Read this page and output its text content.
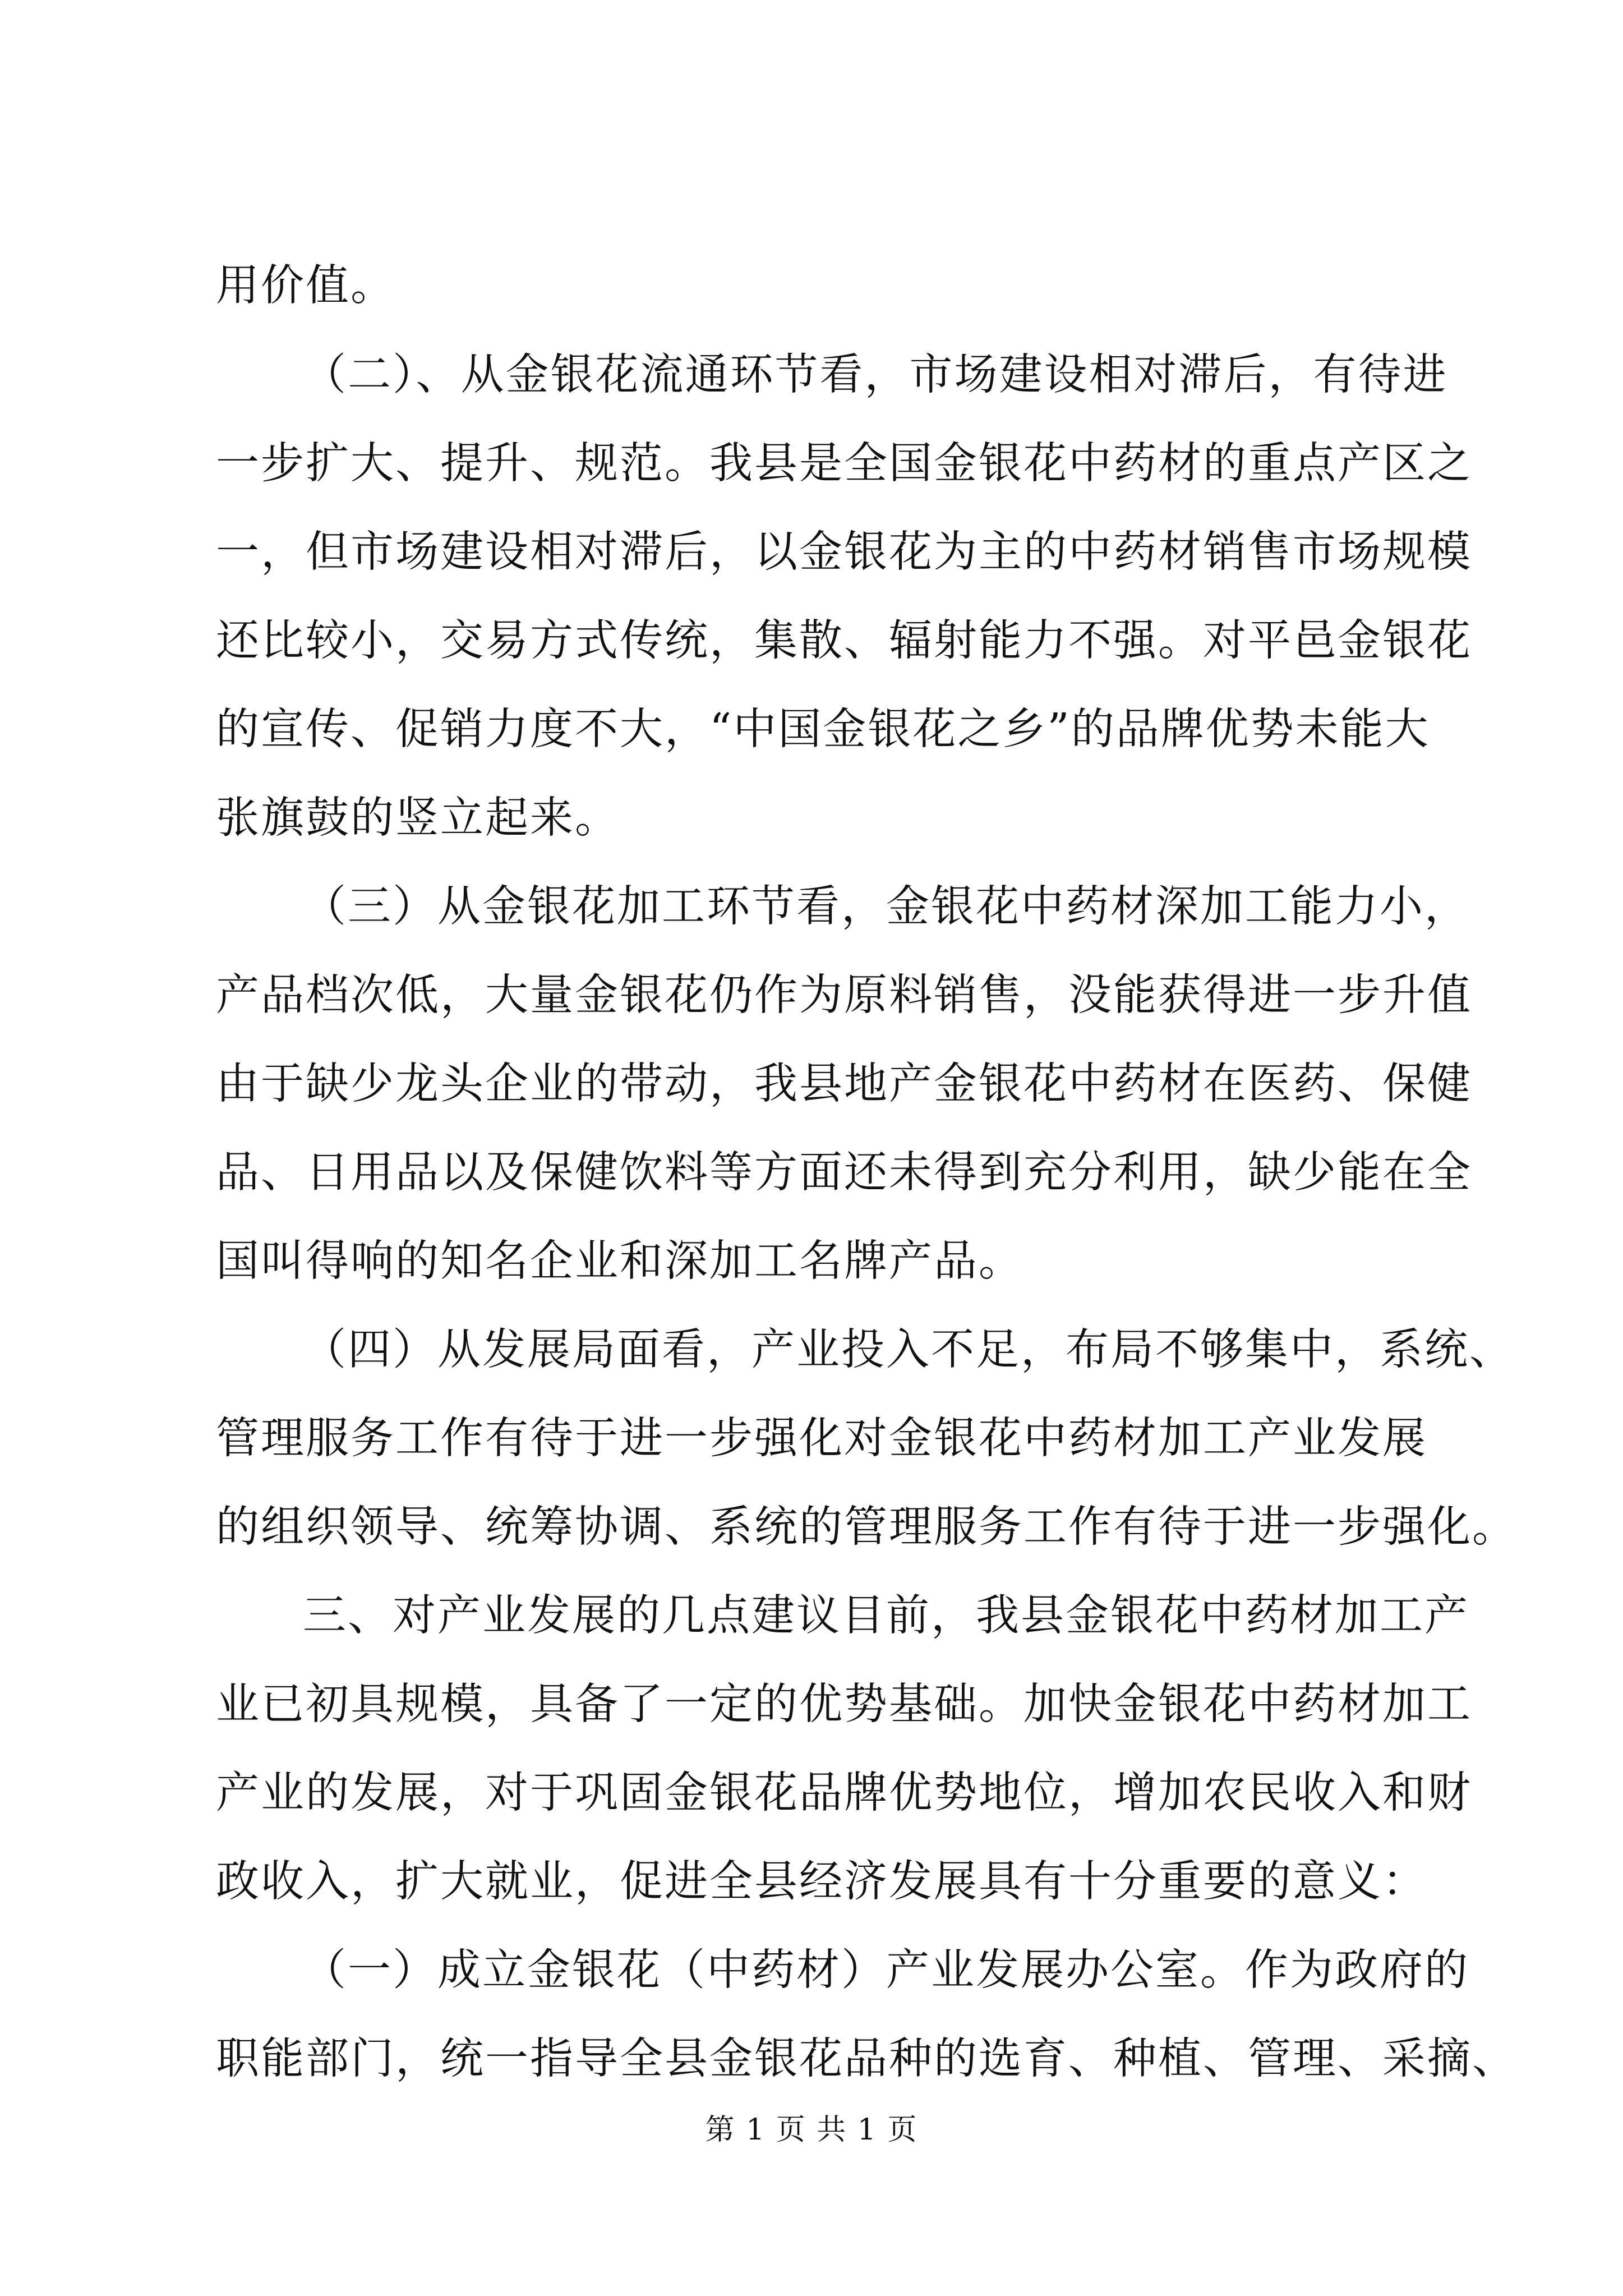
用价值。
（二）、从金银花流通环节看，市场建设相对滞后，有待进
一步扩大、提升、规范。我县是全国金银花中药材的重点产区之
一，但市场建设相对滞后，以金银花为主的中药材销售市场规模
还比较小，交易方式传统，集散、辐射能力不强。对平邑金银花
的宣传、促销力度不大，“中国金银花之乡”的品牌优势未能大
张旗鼓的竖立起来。
（三）从金银花加工环节看，金银花中药材深加工能力小，
产品档次低，大量金银花仍作为原料销售，没能获得进一步升值
由于缺少龙头企业的带动，我县地产金银花中药材在医药、保健
品、日用品以及保健饮料等方面还未得到充分利用，缺少能在全
国叫得响的知名企业和深加工名牌产品。
（四）从发展局面看，产业投入不足，布局不够集中，系统、
管理服务工作有待于进一步强化对金银花中药材加工产业发展
的组织领导、统筹协调、系统的管理服务工作有待于进一步强化。
三、对产业发展的几点建议目前，我县金银花中药材加工产
业已初具规模，具备了一定的优势基础。加快金银花中药材加工
产业的发展，对于巩固金银花品牌优势地位，增加农民收入和财
政收入，扩大就业，促进全县经济发展具有十分重要的意义：
（一）成立金银花（中药材）产业发展办公室。作为政府的
职能部门，统一指导全县金银花品种的选育、种植、管理、采摘、
第 1 页 共 1 页
